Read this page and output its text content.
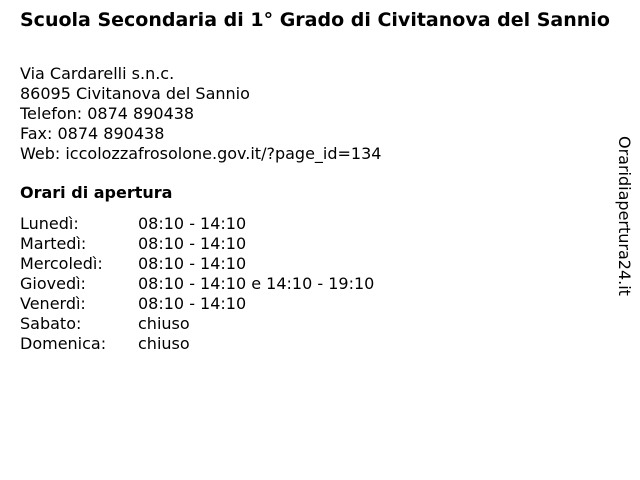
Scuola Secondaria di 1° Grado di Civitanova del Sannio
Via Cardarelli s.n.c.
86095 Civitanova del Sannio
Telefon: 0874 890438
Fax: 0874 890438
Web: iccolozzafrosolone.gov.it/?page_id=134
Orari di apertura
Lunedì:	08:10 - 14:10
Martedì:	08:10 - 14:10
Mercoledì:	08:10 - 14:10
Giovedì:	08:10 - 14:10 e 14:10 - 19:10
Venerdì:	08:10 - 14:10
Sabato:	chiuso
Domenica:	chiuso
Oraridiapertura24.it
